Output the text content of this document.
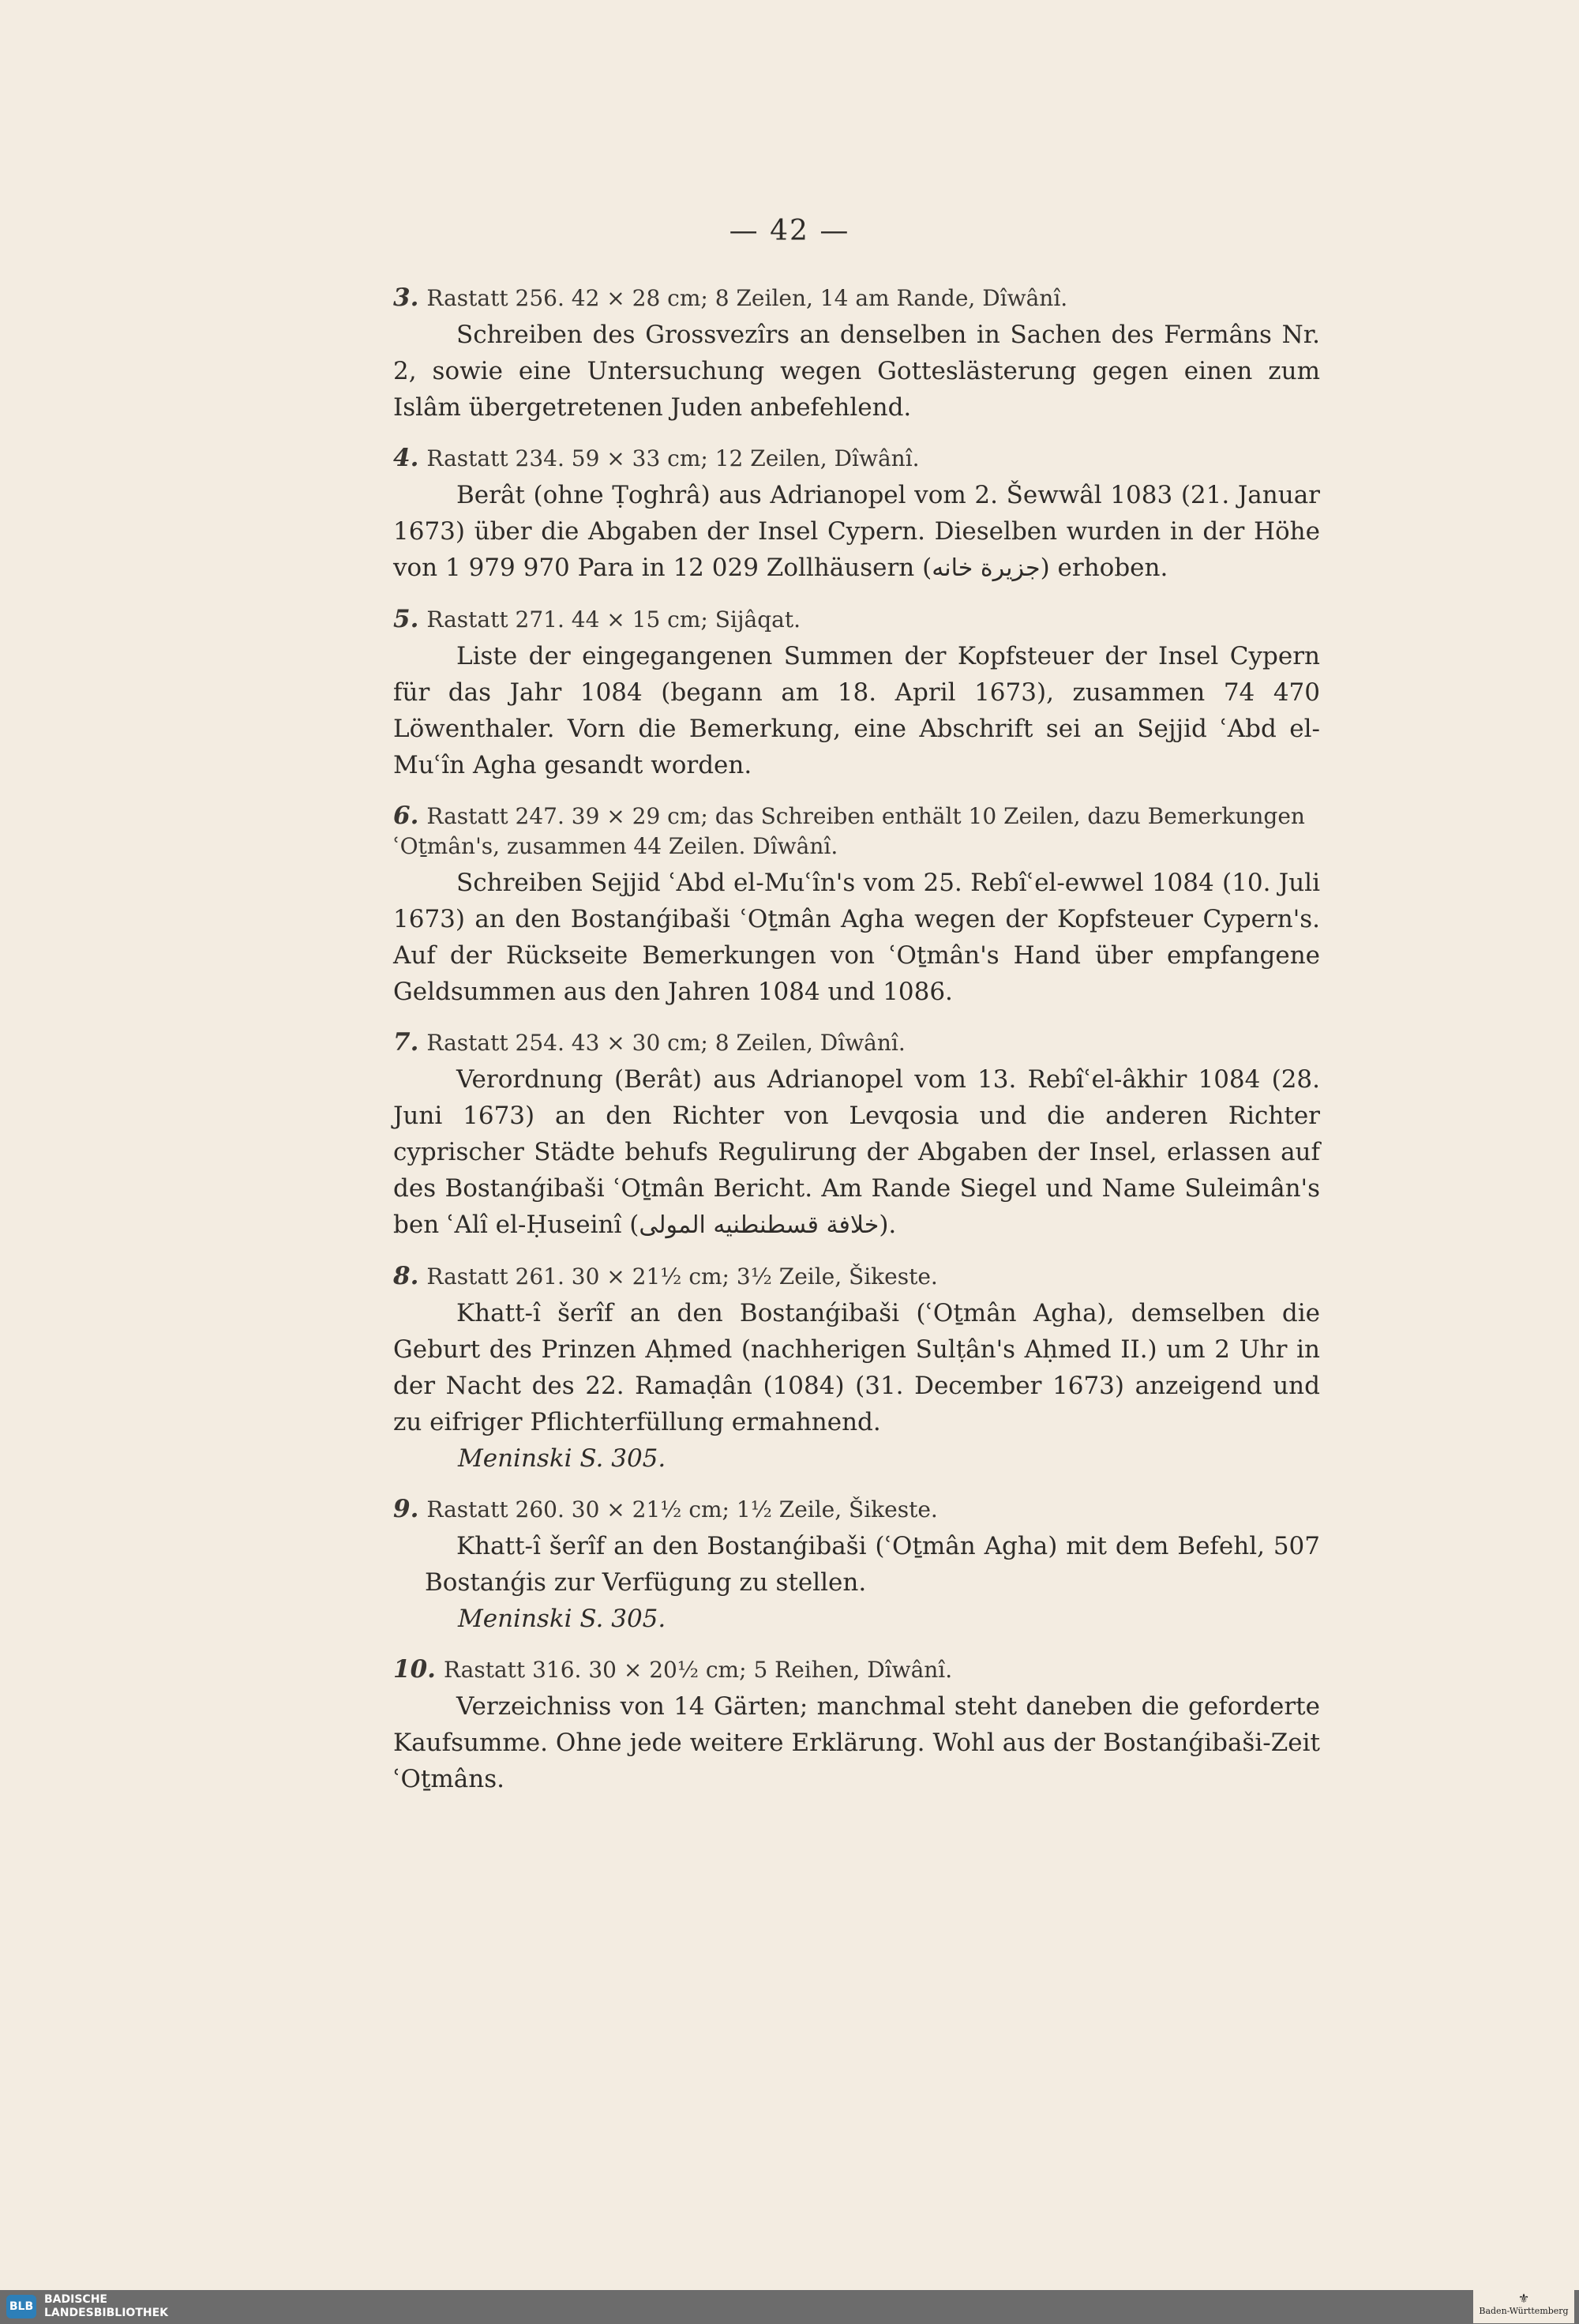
— 42 —
3. Rastatt 256. 42 × 28 cm; 8 Zeilen, 14 am Rande, Dîwânî.
Schreiben des Grossvezîrs an denselben in Sachen des Fermâns Nr. 2, sowie eine Untersuchung wegen Gotteslästerung gegen einen zum Islâm übergetretenen Juden anbefehlend.
4. Rastatt 234. 59 × 33 cm; 12 Zeilen, Dîwânî.
Berât (ohne Ṭoghrâ) aus Adrianopel vom 2. Šewwâl 1083 (21. Januar 1673) über die Abgaben der Insel Cypern. Dieselben wurden in der Höhe von 1 979 970 Para in 12 029 Zollhäusern (جزيرة خانه) erhoben.
5. Rastatt 271. 44 × 15 cm; Sijâqat.
Liste der eingegangenen Summen der Kopfsteuer der Insel Cypern für das Jahr 1084 (begann am 18. April 1673), zusammen 74 470 Löwenthaler. Vorn die Bemerkung, eine Abschrift sei an Sejjid ʿAbd el-Muʿîn Agha gesandt worden.
6. Rastatt 247. 39 × 29 cm; das Schreiben enthält 10 Zeilen, dazu Bemerkungen ʿOṯmân's, zusammen 44 Zeilen. Dîwânî.
Schreiben Sejjid ʿAbd el-Muʿîn's vom 25. Rebîʿel-ewwel 1084 (10. Juli 1673) an den Bostanǵibaši ʿOṯmân Agha wegen der Kopfsteuer Cypern's. Auf der Rückseite Bemerkungen von ʿOṯmân's Hand über empfangene Geldsummen aus den Jahren 1084 und 1086.
7. Rastatt 254. 43 × 30 cm; 8 Zeilen, Dîwânî.
Verordnung (Berât) aus Adrianopel vom 13. Rebîʿel-âkhir 1084 (28. Juni 1673) an den Richter von Levqosia und die anderen Richter cyprischer Städte behufs Regulirung der Abgaben der Insel, erlassen auf des Bostanǵibaši ʿOṯmân Bericht. Am Rande Siegel und Name Suleimân's ben ʿAlî el-Ḥuseinî (خلافة قسطنطنيه المولى).
8. Rastatt 261. 30 × 21½ cm; 3½ Zeile, Šikeste.
Khatt-î šerîf an den Bostanǵibaši (ʿOṯmân Agha), demselben die Geburt des Prinzen Aḥmed (nachherigen Sulṭân's Aḥmed II.) um 2 Uhr in der Nacht des 22. Ramaḍân (1084) (31. December 1673) anzeigend und zu eifriger Pflichterfüllung ermahnend.
Meninski S. 305.
9. Rastatt 260. 30 × 21½ cm; 1½ Zeile, Šikeste.
Khatt-î šerîf an den Bostanǵibaši (ʿOṯmân Agha) mit dem Befehl, 507 Bostanǵis zur Verfügung zu stellen.
Meninski S. 305.
10. Rastatt 316. 30 × 20½ cm; 5 Reihen, Dîwânî.
Verzeichniss von 14 Gärten; manchmal steht daneben die geforderte Kaufsumme. Ohne jede weitere Erklärung. Wohl aus der Bostanǵibaši-Zeit ʿOṯmâns.
BLB
BADISCHE
LANDESBIBLIOTHEK
⚜
Baden-Württemberg
